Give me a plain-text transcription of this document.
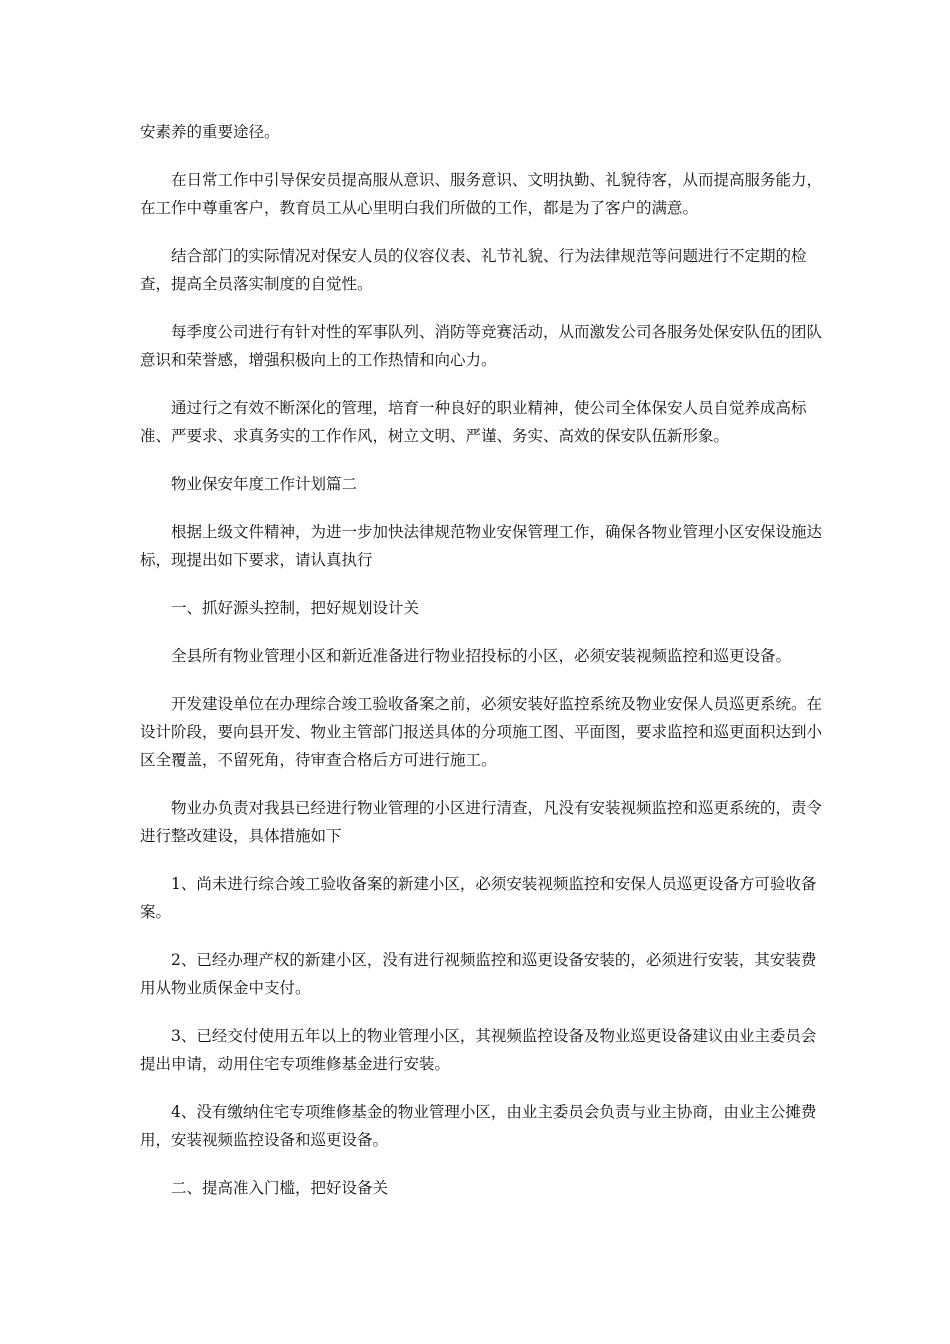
安素养的重要途径。

在日常工作中引导保安员提高服从意识、服务意识、文明执勤、礼貌待客，从而提高服务能力，在工作中尊重客户，教育员工从心里明白我们所做的工作，都是为了客户的满意。

结合部门的实际情况对保安人员的仪容仪表、礼节礼貌、行为法律规范等问题进行不定期的检查，提高全员落实制度的自觉性。

每季度公司进行有针对性的军事队列、消防等竞赛活动，从而激发公司各服务处保安队伍的团队意识和荣誉感，增强积极向上的工作热情和向心力。

通过行之有效不断深化的管理，培育一种良好的职业精神，使公司全体保安人员自觉养成高标准、严要求、求真务实的工作作风，树立文明、严谨、务实、高效的保安队伍新形象。

物业保安年度工作计划篇二

根据上级文件精神，为进一步加快法律规范物业安保管理工作，确保各物业管理小区安保设施达标，现提出如下要求，请认真执行

一、抓好源头控制，把好规划设计关

全县所有物业管理小区和新近准备进行物业招投标的小区，必须安装视频监控和巡更设备。

开发建设单位在办理综合竣工验收备案之前，必须安装好监控系统及物业安保人员巡更系统。在设计阶段，要向县开发、物业主管部门报送具体的分项施工图、平面图，要求监控和巡更面积达到小区全覆盖，不留死角，待审查合格后方可进行施工。

物业办负责对我县已经进行物业管理的小区进行清查，凡没有安装视频监控和巡更系统的，责令进行整改建设，具体措施如下

1、尚未进行综合竣工验收备案的新建小区，必须安装视频监控和安保人员巡更设备方可验收备案。

2、已经办理产权的新建小区，没有进行视频监控和巡更设备安装的，必须进行安装，其安装费用从物业质保金中支付。

3、已经交付使用五年以上的物业管理小区，其视频监控设备及物业巡更设备建议由业主委员会提出申请，动用住宅专项维修基金进行安装。

4、没有缴纳住宅专项维修基金的物业管理小区，由业主委员会负责与业主协商，由业主公摊费用，安装视频监控设备和巡更设备。

二、提高准入门槛，把好设备关
